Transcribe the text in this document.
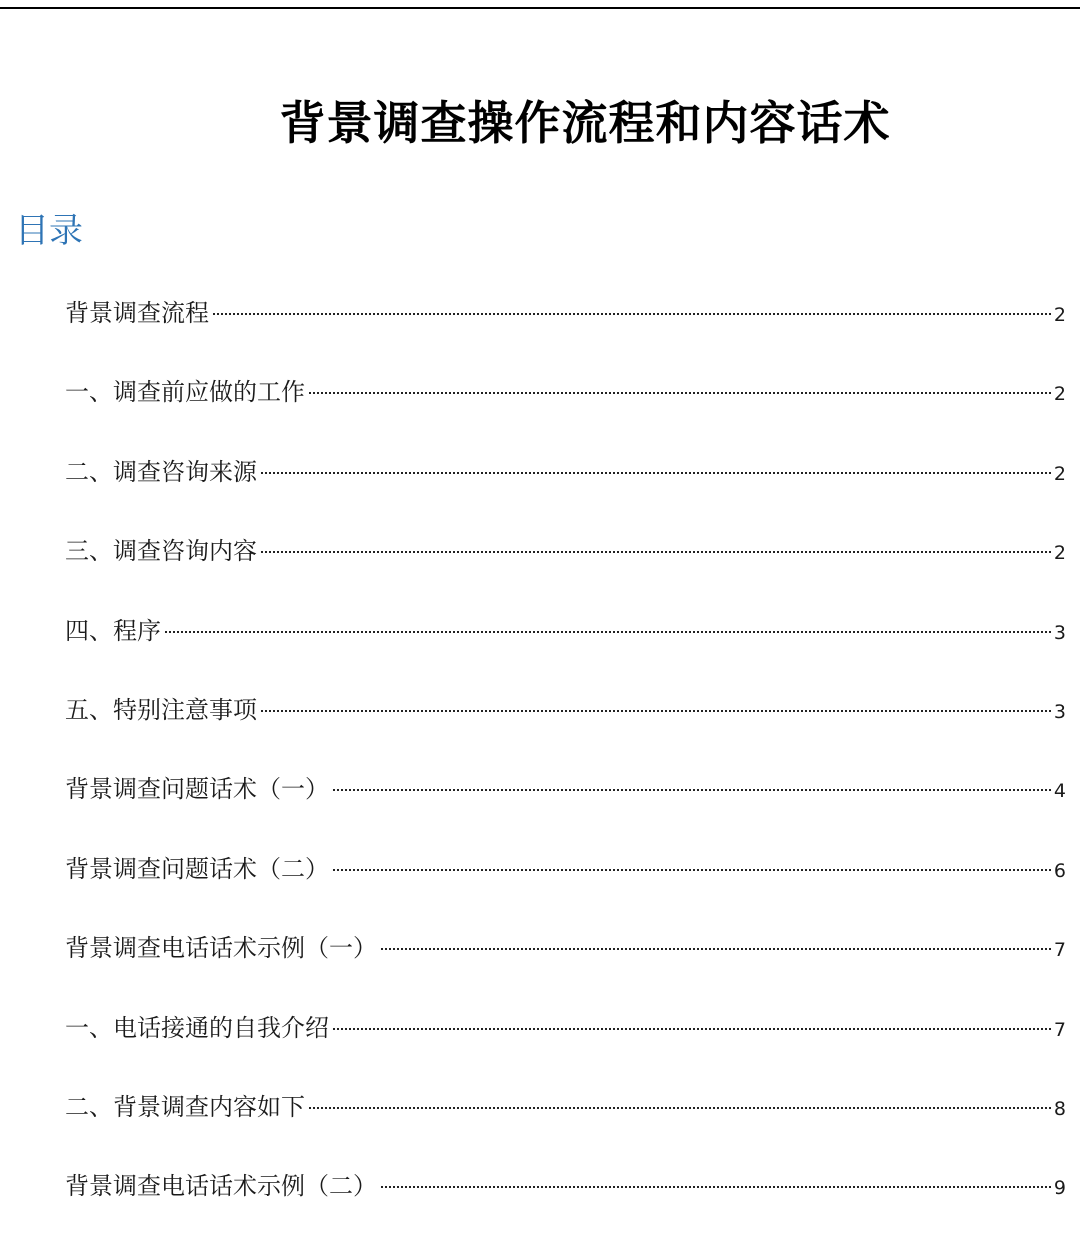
背景调查操作流程和内容话术
目录
背景调查流程	2
一、调查前应做的工作	2
二、调查咨询来源	2
三、调查咨询内容	2
四、程序	3
五、特别注意事项	3
背景调查问题话术（一）	4
背景调查问题话术（二）	6
背景调查电话话术示例（一）	7
一、电话接通的自我介绍	7
二、背景调查内容如下	8
背景调查电话话术示例（二）	9
